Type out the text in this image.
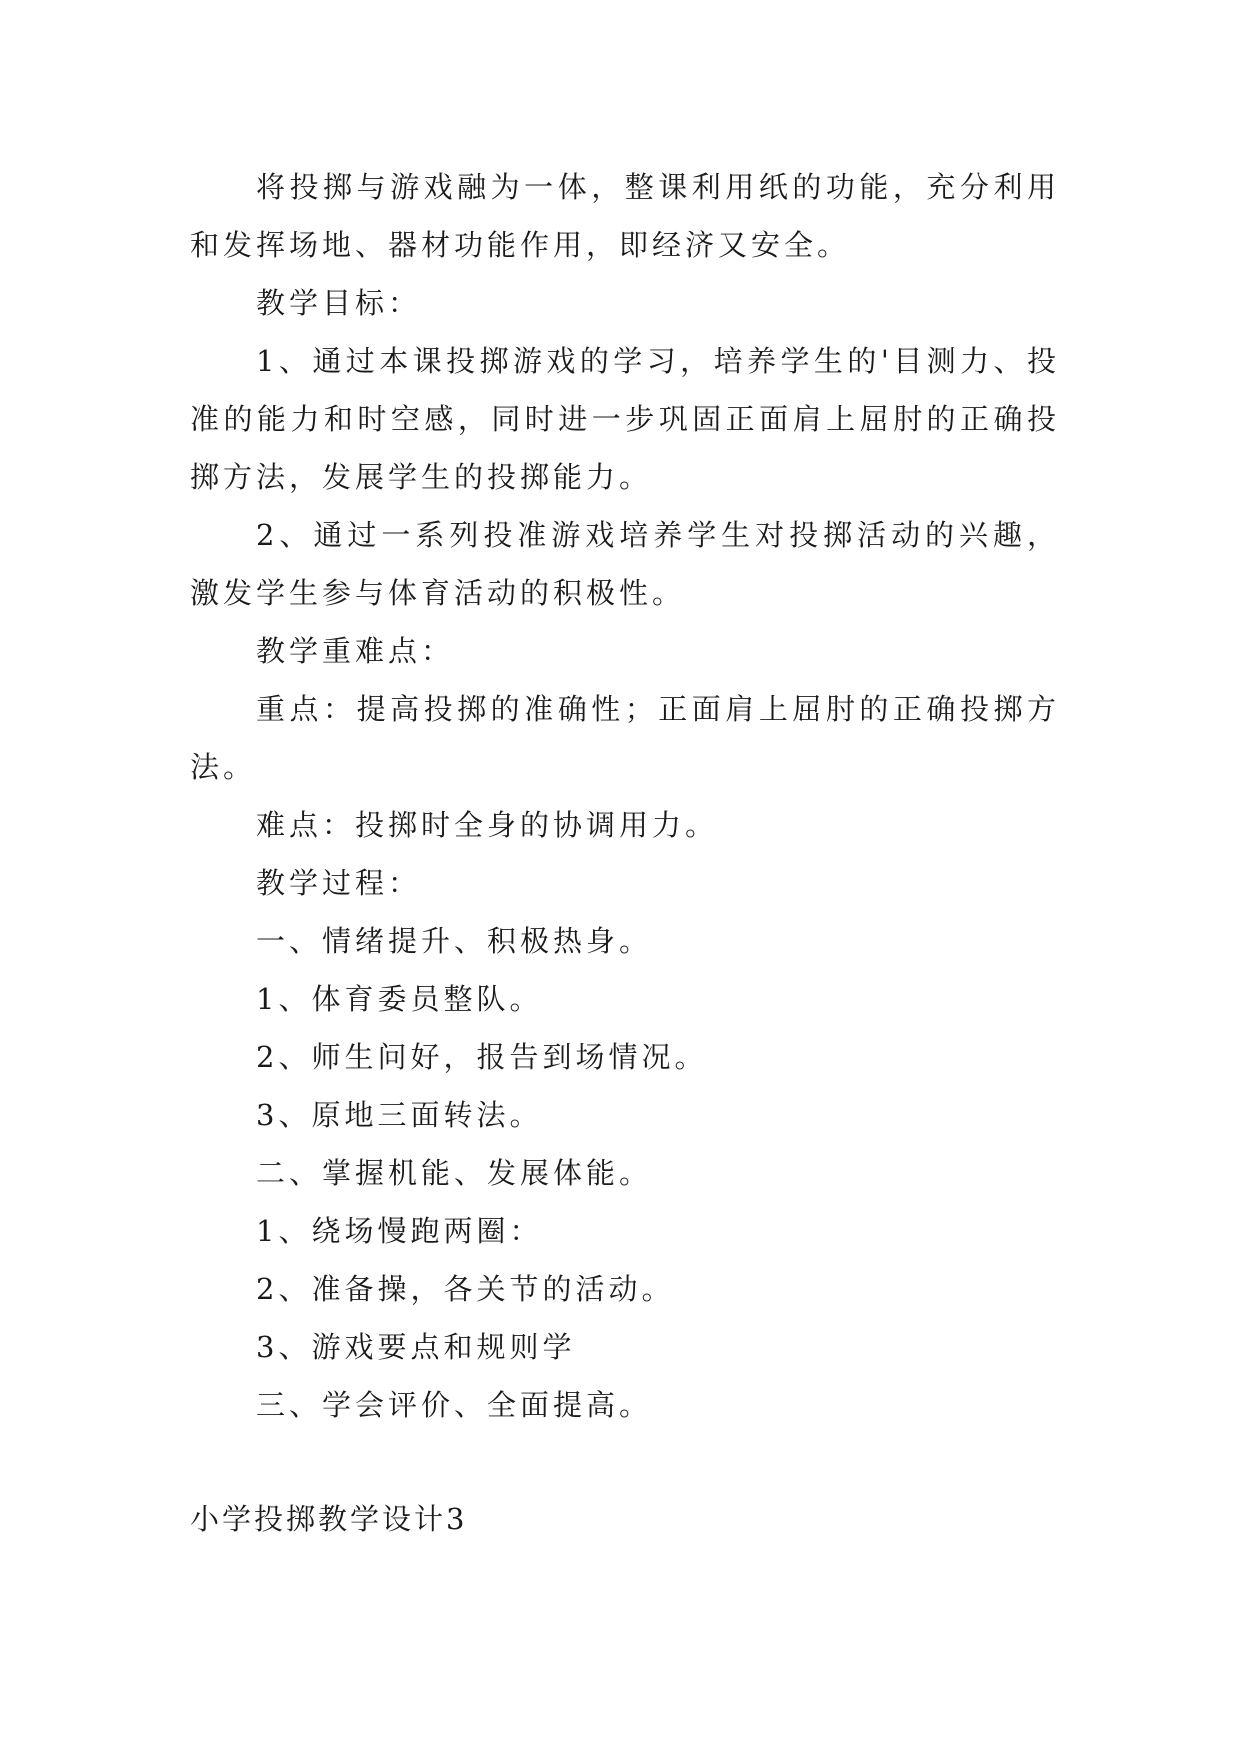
将投掷与游戏融为一体，整课利用纸的功能，充分利用和发挥场地、器材功能作用，即经济又安全。

教学目标：

1、通过本课投掷游戏的学习，培养学生的'目测力、投准的能力和时空感，同时进一步巩固正面肩上屈肘的正确投掷方法，发展学生的投掷能力。

2、通过一系列投准游戏培养学生对投掷活动的兴趣，激发学生参与体育活动的积极性。

教学重难点：

重点：提高投掷的准确性；正面肩上屈肘的正确投掷方法。

难点：投掷时全身的协调用力。

教学过程：

一、情绪提升、积极热身。

1、体育委员整队。

2、师生问好，报告到场情况。

3、原地三面转法。

二、掌握机能、发展体能。

1、绕场慢跑两圈：

2、准备操，各关节的活动。

3、游戏要点和规则学

三、学会评价、全面提高。

小学投掷教学设计3
